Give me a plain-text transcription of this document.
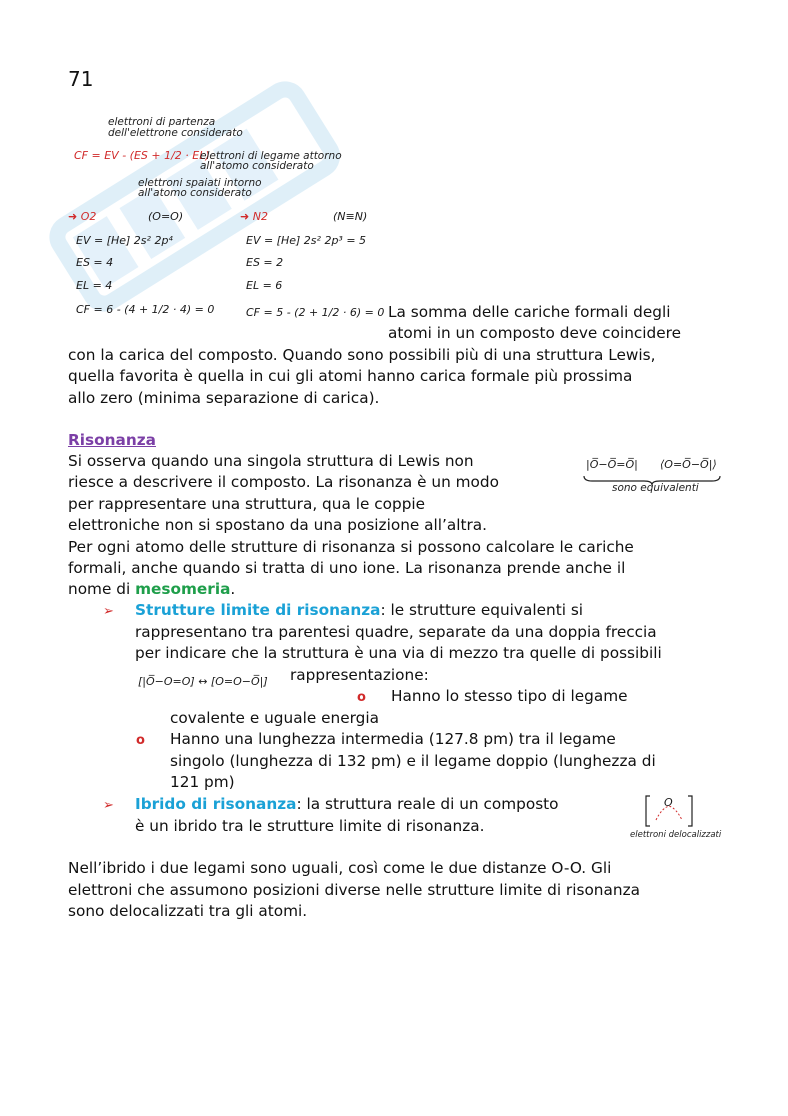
71
elettroni di partenza
dell'elettrone considerato
CF = EV - (ES + 1/2 · EL)
elettroni di legame attorno
all'atomo considerato
elettroni spaiati intorno
all'atomo considerato
➜ O2	(O=O)
EV = [He] 2s² 2p⁴
ES = 4
EL = 4
CF = 6 - (4 + 1/2 · 4) = 0
➜ N2	(N≡N)
EV = [He] 2s² 2p³ = 5
ES = 2
EL = 6
CF = 5 - (2 + 1/2 · 6) = 0 La somma delle cariche formali degli
atomi in un composto deve coincidere
con la carica del composto. Quando sono possibili più di una struttura Lewis,
quella favorita è quella in cui gli atomi hanno carica formale più prossima
allo zero (minima separazione di carica).
Risonanza
Si osserva quando una singola struttura di Lewis non
riesce a descrivere il composto. La risonanza è un modo
per rappresentare una struttura, qua le coppie
elettroniche non si spostano da una posizione all’altra.
Per ogni atomo delle strutture di risonanza si possono calcolare le cariche
formali, anche quando si tratta di uno ione. La risonanza prende anche il
nome di mesomeria.
|O̅−O̅=O̅| ⟨O=O̅−O̅|⟩
sono equivalenti
➢ Strutture limite di risonanza: le strutture equivalenti si
rappresentano tra parentesi quadre, separate da una doppia freccia
per indicare che la struttura è una via di mezzo tra quelle di possibili
[|O̅−O=O] ↔ [O=O−O̅|] rappresentazione:
o Hanno lo stesso tipo di legame
covalente e uguale energia
o Hanno una lunghezza intermedia (127.8 pm) tra il legame
singolo (lunghezza di 132 pm) e il legame doppio (lunghezza di
121 pm)
➢ Ibrido di risonanza: la struttura reale di un composto
è un ibrido tra le strutture limite di risonanza.
O
elettroni delocalizzati
Nell’ibrido i due legami sono uguali, così come le due distanze O-O. Gli
elettroni che assumono posizioni diverse nelle strutture limite di risonanza
sono delocalizzati tra gli atomi.
